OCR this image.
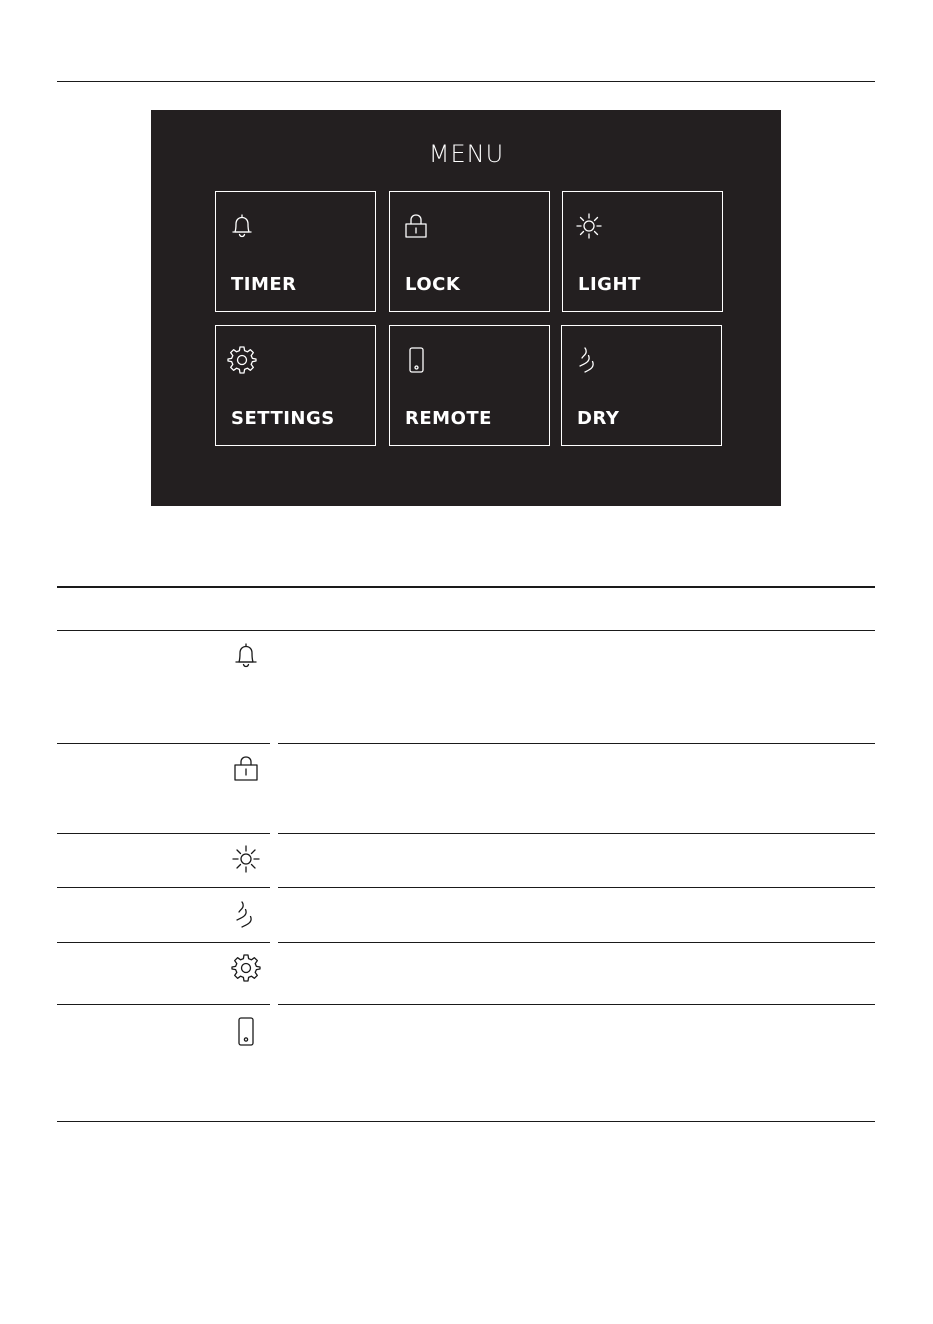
MENU
TIMER	LOCK	LIGHT
SETTINGS	REMOTE	DRY
